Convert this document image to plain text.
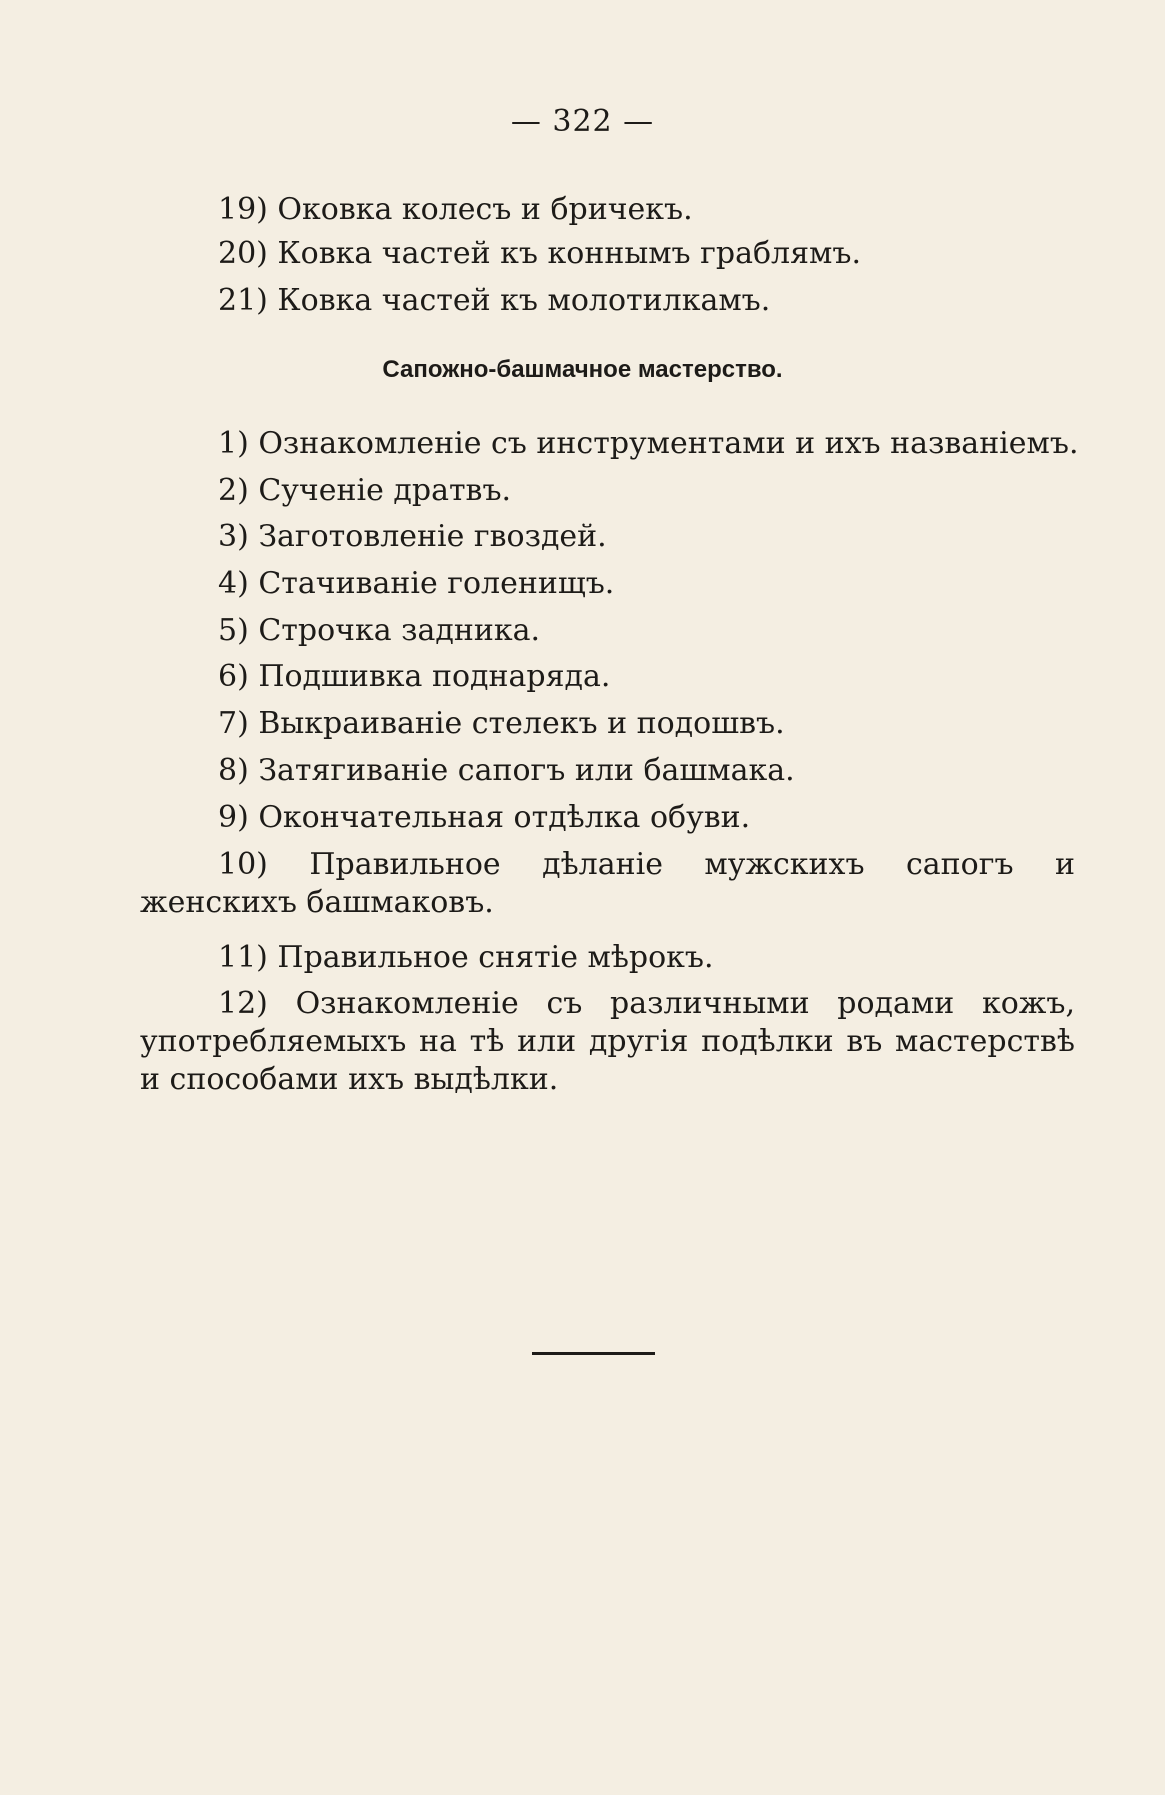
— 322 —
19) Оковка колесъ и бричекъ.
20) Ковка частей къ коннымъ граблямъ.
21) Ковка частей къ молотилкамъ.
Сапожно-башмачное мастерство.
1) Ознакомленіе съ инструментами и ихъ названіемъ.
2) Сученіе дратвъ.
3) Заготовленіе гвоздей.
4) Стачиваніе голенищъ.
5) Строчка задника.
6) Подшивка поднаряда.
7) Выкраиваніе стелекъ и подошвъ.
8) Затягиваніе сапогъ или башмака.
9) Окончательная отдѣлка обуви.

10) Правильное дѣланіе мужскихъ сапогъ и женскихъ башмаковъ.

11) Правильное снятіе мѣрокъ.

12) Ознакомленіе съ различными родами кожъ, употребляемыхъ на тѣ или другія подѣлки въ мастерствѣ и способами ихъ выдѣлки.
